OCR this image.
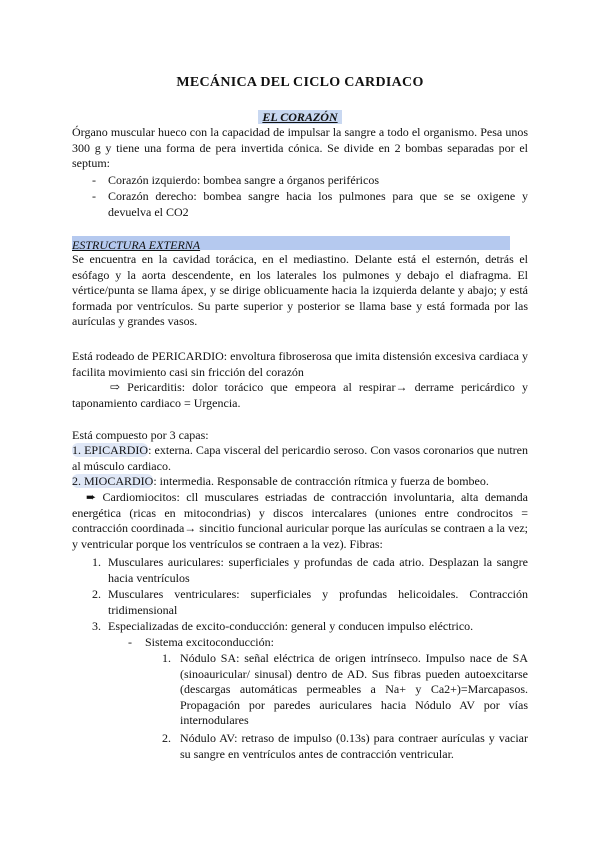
MECÁNICA DEL CICLO CARDIACO
EL CORAZÓN

Órgano muscular hueco con la capacidad de impulsar la sangre a todo el organismo. Pesa unos 300 g y tiene una forma de pera invertida cónica. Se divide en 2 bombas separadas por el septum:

- Corazón izquierdo: bombea sangre a órganos periféricos

- Corazón derecho: bombea sangre hacia los pulmones para que se se oxigene y devuelva el CO2

ESTRUCTURA EXTERNA

Se encuentra en la cavidad torácica, en el mediastino. Delante está el esternón, detrás el esófago y la aorta descendente, en los laterales los pulmones y debajo el diafragma. El vértice/punta se llama ápex, y se dirige oblicuamente hacia la izquierda delante y abajo; y está formada por ventrículos. Su parte superior y posterior se llama base y está formada por las aurículas y grandes vasos.

Está rodeado de PERICARDIO: envoltura fibroserosa que imita distensión excesiva cardiaca y facilita movimiento casi sin fricción del corazón

⇨ Pericarditis: dolor torácico que empeora al respirar→ derrame pericárdico y taponamiento cardiaco = Urgencia.

Está compuesto por 3 capas:

1. EPICARDIO: externa. Capa visceral del pericardio seroso. Con vasos coronarios que nutren al músculo cardiaco.

2. MIOCARDIO: intermedia. Responsable de contracción rítmica y fuerza de bombeo.

➨ Cardiomiocitos: cll musculares estriadas de contracción involuntaria, alta demanda energética (ricas en mitocondrias) y discos intercalares (uniones entre condrocitos = contracción coordinada→ sincitio funcional auricular porque las aurículas se contraen a la vez; y ventricular porque los ventrículos se contraen a la vez). Fibras:

1. Musculares auriculares: superficiales y profundas de cada atrio. Desplazan la sangre hacia ventrículos

2. Musculares ventriculares: superficiales y profundas helicoidales. Contracción tridimensional

3. Especializadas de excito-conducción: general y conducen impulso eléctrico.

- Sistema excitoconducción:

1. Nódulo SA: señal eléctrica de origen intrínseco. Impulso nace de SA (sinoauricular/ sinusal) dentro de AD. Sus fibras pueden autoexcitarse (descargas automáticas permeables a Na+ y Ca2+)=Marcapasos. Propagación por paredes auriculares hacia Nódulo AV por vías internodulares

2. Nódulo AV: retraso de impulso (0.13s) para contraer aurículas y vaciar su sangre en ventrículos antes de contracción ventricular.
